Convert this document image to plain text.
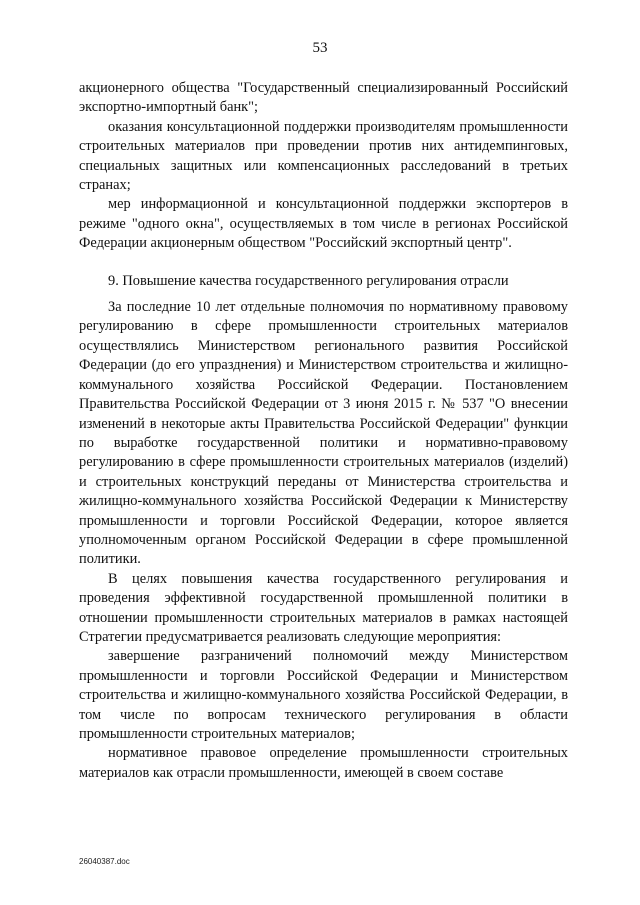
53

акционерного общества "Государственный специализированный Российский экспортно-импортный банк";

оказания консультационной поддержки производителям промышленности строительных материалов при проведении против них антидемпинговых, специальных защитных или компенсационных расследований в третьих странах;

мер информационной и консультационной поддержки экспортеров в режиме "одного окна", осуществляемых в том числе в регионах Российской Федерации акционерным обществом "Российский экспортный центр".

9. Повышение качества государственного регулирования отрасли

За последние 10 лет отдельные полномочия по нормативному правовому регулированию в сфере промышленности строительных материалов осуществлялись Министерством регионального развития Российской Федерации (до его упразднения) и Министерством строительства и жилищно-коммунального хозяйства Российской Федерации. Постановлением Правительства Российской Федерации от 3 июня 2015 г. № 537 "О внесении изменений в некоторые акты Правительства Российской Федерации" функции по выработке государственной политики и нормативно-правовому регулированию в сфере промышленности строительных материалов (изделий) и строительных конструкций переданы от Министерства строительства и жилищно-коммунального хозяйства Российской Федерации к Министерству промышленности и торговли Российской Федерации, которое является уполномоченным органом Российской Федерации в сфере промышленной политики.

В целях повышения качества государственного регулирования и проведения эффективной государственной промышленной политики в отношении промышленности строительных материалов в рамках настоящей Стратегии предусматривается реализовать следующие мероприятия:

завершение разграничений полномочий между Министерством промышленности и торговли Российской Федерации и Министерством строительства и жилищно-коммунального хозяйства Российской Федерации, в том числе по вопросам технического регулирования в области промышленности строительных материалов;

нормативное правовое определение промышленности строительных материалов как отрасли промышленности, имеющей в своем составе

26040387.doc
